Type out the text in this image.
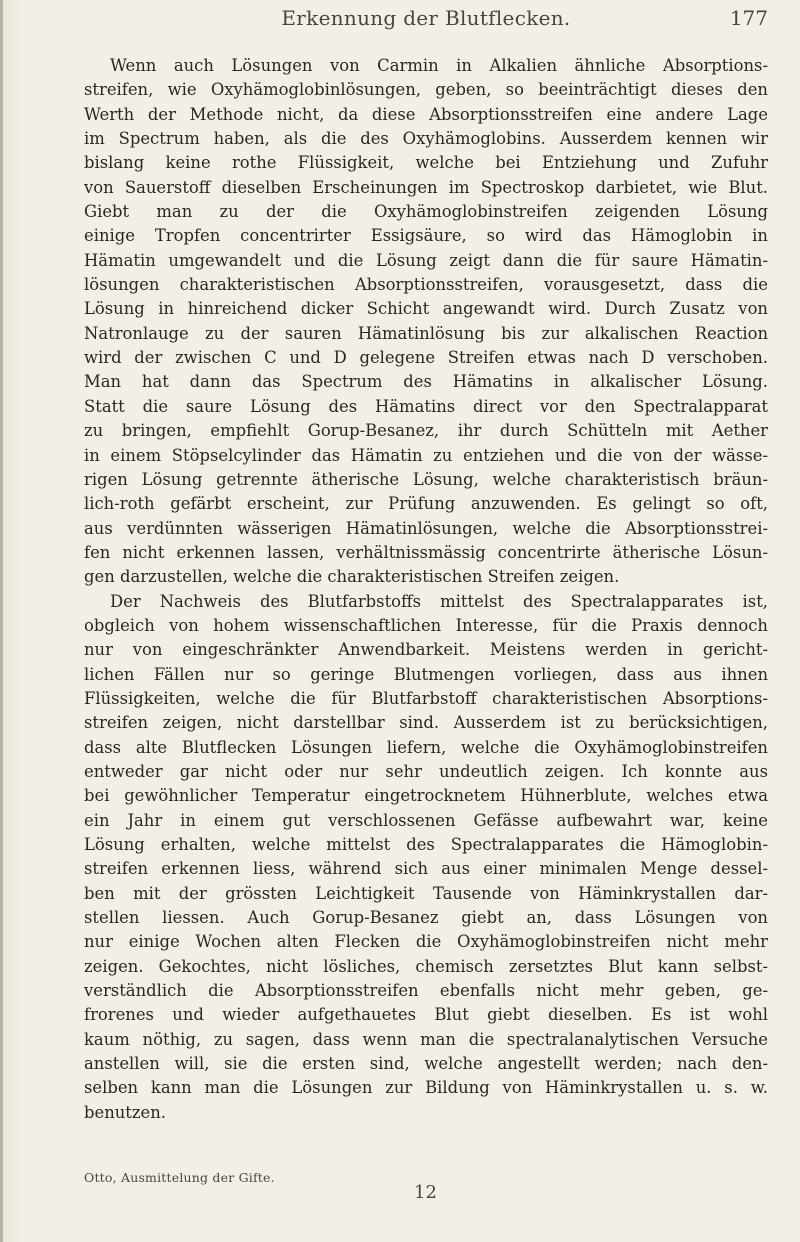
Erkennung der Blutflecken.	177
Wenn auch Lösungen von Carmin in Alkalien ähnliche Absorptions-
streifen, wie Oxyhämoglobinlösungen, geben, so beeinträchtigt dieses den
Werth der Methode nicht, da diese Absorptionsstreifen eine andere Lage
im Spectrum haben, als die des Oxyhämoglobins. Ausserdem kennen wir
bislang keine rothe Flüssigkeit, welche bei Entziehung und Zufuhr
von Sauerstoff dieselben Erscheinungen im Spectroskop darbietet, wie Blut.
Giebt man zu der die Oxyhämoglobinstreifen zeigenden Lösung
einige Tropfen concentrirter Essigsäure, so wird das Hämoglobin in
Hämatin umgewandelt und die Lösung zeigt dann die für saure Hämatin-
lösungen charakteristischen Absorptionsstreifen, vorausgesetzt, dass die
Lösung in hinreichend dicker Schicht angewandt wird. Durch Zusatz von
Natronlauge zu der sauren Hämatinlösung bis zur alkalischen Reaction
wird der zwischen C und D gelegene Streifen etwas nach D verschoben.
Man hat dann das Spectrum des Hämatins in alkalischer Lösung.
Statt die saure Lösung des Hämatins direct vor den Spectralapparat
zu bringen, empfiehlt Gorup-Besanez, ihr durch Schütteln mit Aether
in einem Stöpselcylinder das Hämatin zu entziehen und die von der wässe-
rigen Lösung getrennte ätherische Lösung, welche charakteristisch bräun-
lich-roth gefärbt erscheint, zur Prüfung anzuwenden. Es gelingt so oft,
aus verdünnten wässerigen Hämatinlösungen, welche die Absorptionsstrei-
fen nicht erkennen lassen, verhältnissmässig concentrirte ätherische Lösun-
gen darzustellen, welche die charakteristischen Streifen zeigen.
Der Nachweis des Blutfarbstoffs mittelst des Spectralapparates ist,
obgleich von hohem wissenschaftlichen Interesse, für die Praxis dennoch
nur von eingeschränkter Anwendbarkeit. Meistens werden in gericht-
lichen Fällen nur so geringe Blutmengen vorliegen, dass aus ihnen
Flüssigkeiten, welche die für Blutfarbstoff charakteristischen Absorptions-
streifen zeigen, nicht darstellbar sind. Ausserdem ist zu berücksichtigen,
dass alte Blutflecken Lösungen liefern, welche die Oxyhämoglobinstreifen
entweder gar nicht oder nur sehr undeutlich zeigen. Ich konnte aus
bei gewöhnlicher Temperatur eingetrocknetem Hühnerblute, welches etwa
ein Jahr in einem gut verschlossenen Gefässe aufbewahrt war, keine
Lösung erhalten, welche mittelst des Spectralapparates die Hämoglobin-
streifen erkennen liess, während sich aus einer minimalen Menge dessel-
ben mit der grössten Leichtigkeit Tausende von Häminkrystallen dar-
stellen liessen. Auch Gorup-Besanez giebt an, dass Lösungen von
nur einige Wochen alten Flecken die Oxyhämoglobinstreifen nicht mehr
zeigen. Gekochtes, nicht lösliches, chemisch zersetztes Blut kann selbst-
verständlich die Absorptionsstreifen ebenfalls nicht mehr geben, ge-
frorenes und wieder aufgethauetes Blut giebt dieselben. Es ist wohl
kaum nöthig, zu sagen, dass wenn man die spectralanalytischen Versuche
anstellen will, sie die ersten sind, welche angestellt werden; nach den-
selben kann man die Lösungen zur Bildung von Häminkrystallen u. s. w.
benutzen.
Otto, Ausmittelung der Gifte.
12
